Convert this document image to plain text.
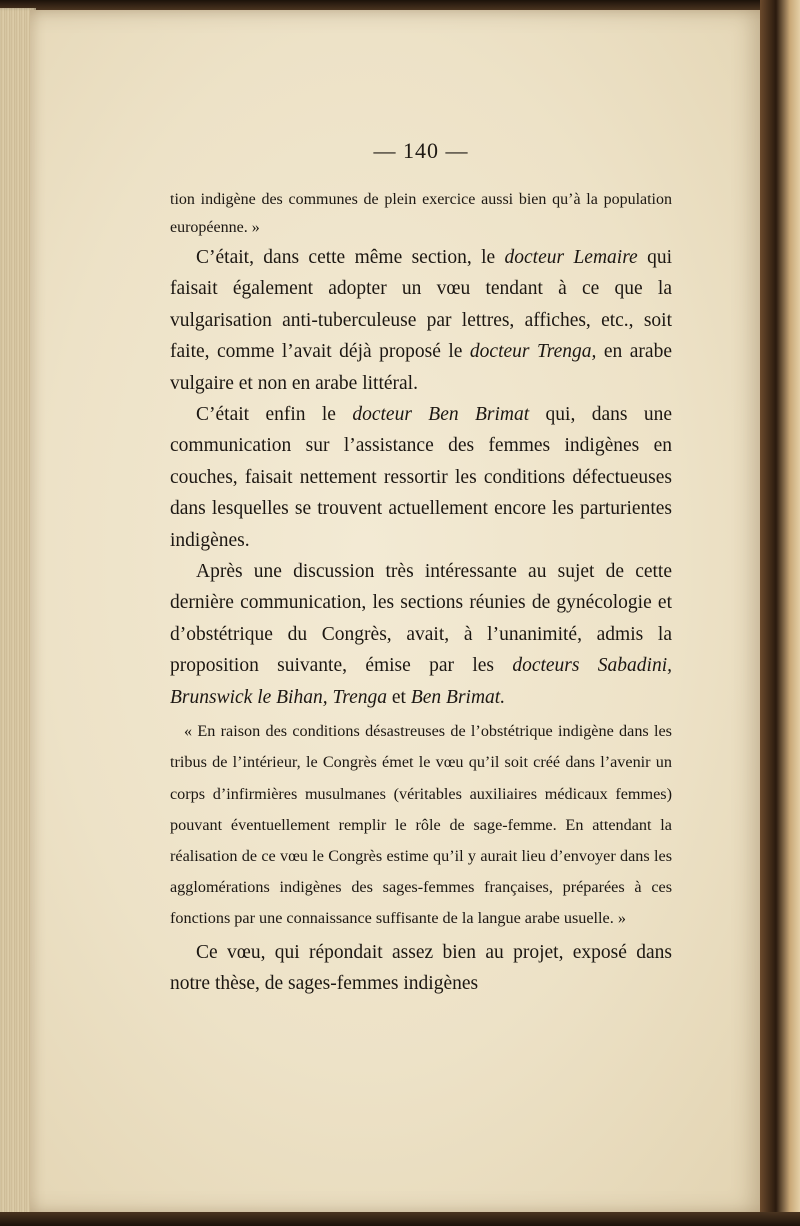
— 140 —

tion indigène des communes de plein exercice aussi bien qu’à la population européenne. »

C’était, dans cette même section, le docteur Lemaire qui faisait également adopter un vœu tendant à ce que la vulgarisation anti-tuberculeuse par lettres, affiches, etc., soit faite, comme l’avait déjà proposé le docteur Trenga, en arabe vulgaire et non en arabe littéral.

C’était enfin le docteur Ben Brimat qui, dans une communication sur l’assistance des femmes indigènes en couches, faisait nettement ressortir les conditions défectueuses dans lesquelles se trouvent actuellement encore les parturientes indigènes.

Après une discussion très intéressante au sujet de cette dernière communication, les sections réunies de gynécologie et d’obstétrique du Congrès, avait, à l’unanimité, admis la proposition suivante, émise par les docteurs Sabadini, Brunswick le Bihan, Trenga et Ben Brimat.

« En raison des conditions désastreuses de l’obstétrique indigène dans les tribus de l’intérieur, le Congrès émet le vœu qu’il soit créé dans l’avenir un corps d’infirmières musulmanes (véritables auxiliaires médicaux femmes) pouvant éventuellement remplir le rôle de sage-femme. En attendant la réalisation de ce vœu le Congrès estime qu’il y aurait lieu d’envoyer dans les agglomérations indigènes des sages-femmes françaises, préparées à ces fonctions par une connaissance suffisante de la langue arabe usuelle. »

Ce vœu, qui répondait assez bien au projet, exposé dans notre thèse, de sages-femmes indigènes
